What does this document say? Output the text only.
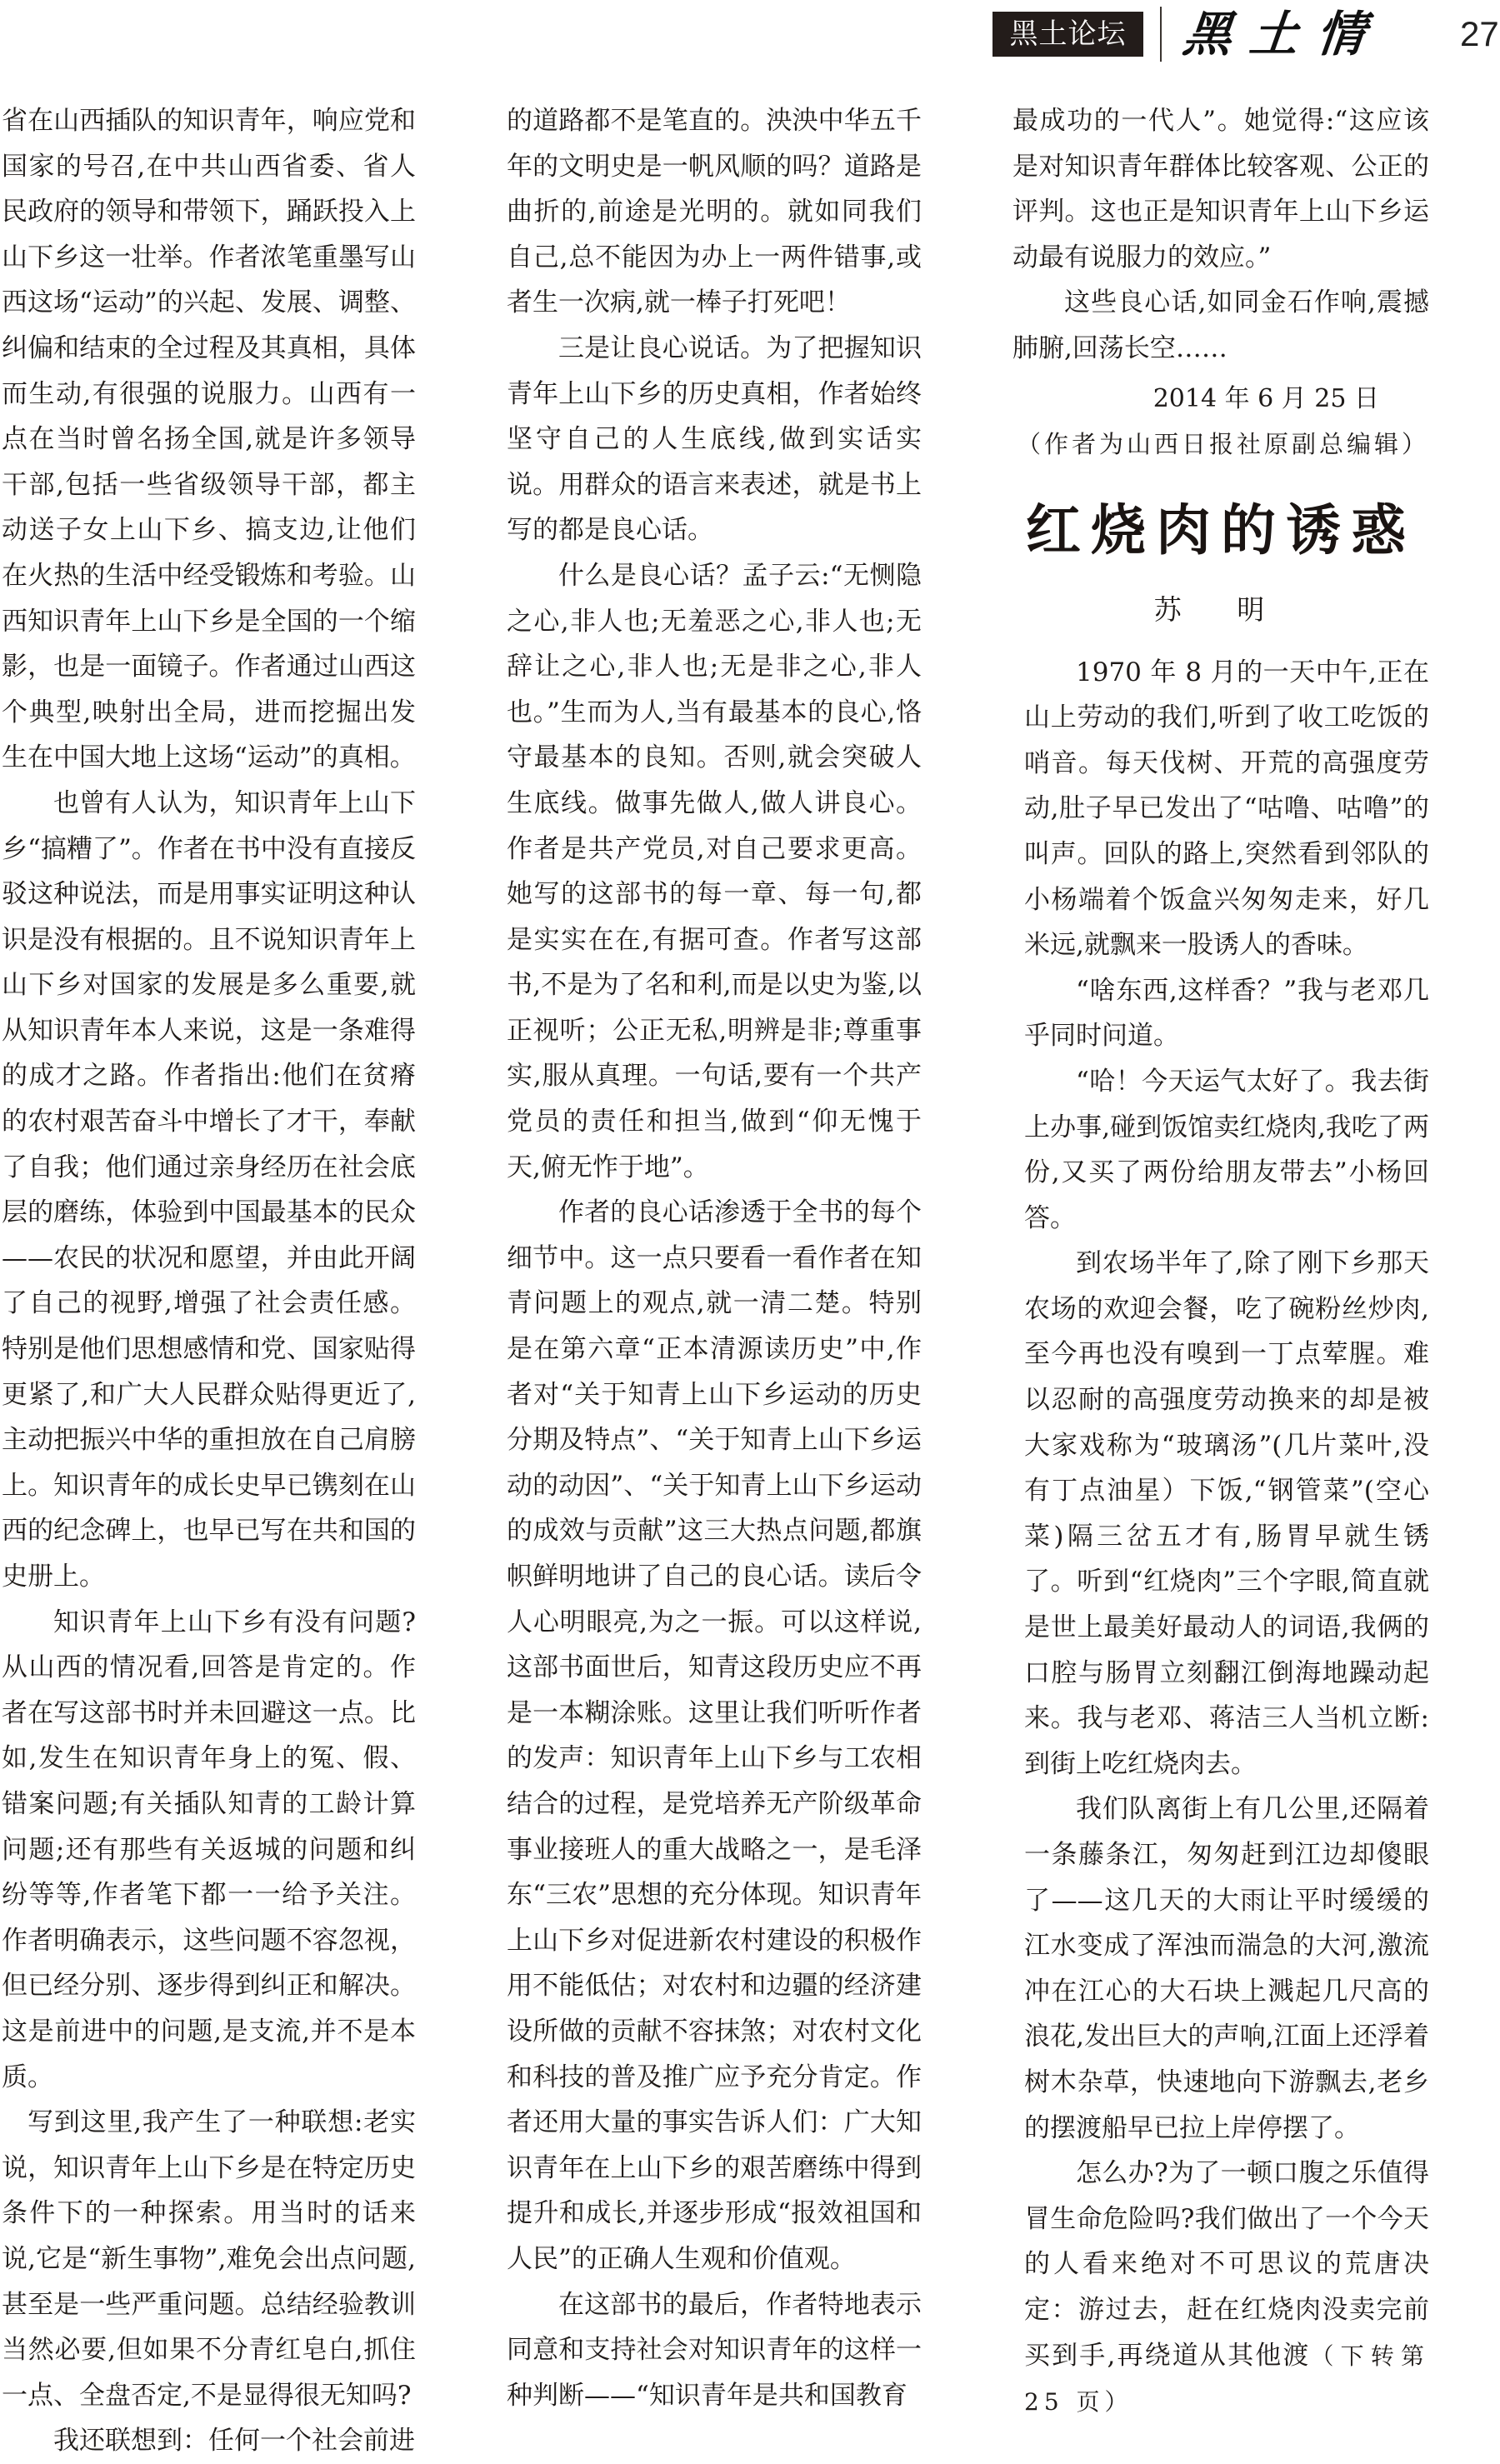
黑土论坛	黑土情 27

省在山西插队的知识青年，响应党和国家的号召,在中共山西省委、省人民政府的领导和带领下，踊跃投入上山下乡这一壮举。作者浓笔重墨写山西这场“运动”的兴起、发展、调整、纠偏和结束的全过程及其真相，具体而生动,有很强的说服力。山西有一点在当时曾名扬全国,就是许多领导干部,包括一些省级领导干部，都主动送子女上山下乡、搞支边,让他们在火热的生活中经受锻炼和考验。山西知识青年上山下乡是全国的一个缩影，也是一面镜子。作者通过山西这个典型,映射出全局，进而挖掘出发生在中国大地上这场“运动”的真相。

也曾有人认为，知识青年上山下乡“搞糟了”。作者在书中没有直接反驳这种说法，而是用事实证明这种认识是没有根据的。且不说知识青年上山下乡对国家的发展是多么重要,就从知识青年本人来说，这是一条难得的成才之路。作者指出:他们在贫瘠的农村艰苦奋斗中增长了才干，奉献了自我；他们通过亲身经历在社会底层的磨练，体验到中国最基本的民众——农民的状况和愿望，并由此开阔了自己的视野,增强了社会责任感。特别是他们思想感情和党、国家贴得更紧了,和广大人民群众贴得更近了,主动把振兴中华的重担放在自己肩膀上。知识青年的成长史早已镌刻在山西的纪念碑上，也早已写在共和国的史册上。

知识青年上山下乡有没有问题?从山西的情况看,回答是肯定的。作者在写这部书时并未回避这一点。比如,发生在知识青年身上的冤、假、错案问题;有关插队知青的工龄计算问题;还有那些有关返城的问题和纠纷等等,作者笔下都一一给予关注。作者明确表示，这些问题不容忽视，但已经分别、逐步得到纠正和解决。这是前进中的问题,是支流,并不是本质。

写到这里,我产生了一种联想:老实说，知识青年上山下乡是在特定历史条件下的一种探索。用当时的话来说,它是“新生事物”,难免会出点问题,甚至是一些严重问题。总结经验教训当然必要,但如果不分青红皂白,抓住一点、全盘否定,不是显得很无知吗?

我还联想到：任何一个社会前进

的道路都不是笔直的。泱泱中华五千年的文明史是一帆风顺的吗？道路是曲折的,前途是光明的。就如同我们自己,总不能因为办上一两件错事,或者生一次病,就一棒子打死吧！

三是让良心说话。为了把握知识青年上山下乡的历史真相，作者始终坚守自己的人生底线,做到实话实说。用群众的语言来表述，就是书上写的都是良心话。

什么是良心话？孟子云:“无恻隐之心,非人也;无羞恶之心,非人也;无辞让之心,非人也;无是非之心,非人也。”生而为人,当有最基本的良心,恪守最基本的良知。否则,就会突破人生底线。做事先做人,做人讲良心。作者是共产党员,对自己要求更高。她写的这部书的每一章、每一句,都是实实在在,有据可查。作者写这部书,不是为了名和利,而是以史为鉴,以正视听；公正无私,明辨是非;尊重事实,服从真理。一句话,要有一个共产党员的责任和担当,做到“仰无愧于天,俯无怍于地”。

作者的良心话渗透于全书的每个细节中。这一点只要看一看作者在知青问题上的观点,就一清二楚。特别是在第六章“正本清源读历史”中,作者对“关于知青上山下乡运动的历史分期及特点”、“关于知青上山下乡运动的动因”、“关于知青上山下乡运动的成效与贡献”这三大热点问题,都旗帜鲜明地讲了自己的良心话。读后令人心明眼亮,为之一振。可以这样说,这部书面世后，知青这段历史应不再是一本糊涂账。这里让我们听听作者的发声：知识青年上山下乡与工农相结合的过程，是党培养无产阶级革命事业接班人的重大战略之一，是毛泽东“三农”思想的充分体现。知识青年上山下乡对促进新农村建设的积极作用不能低估；对农村和边疆的经济建设所做的贡献不容抹煞；对农村文化和科技的普及推广应予充分肯定。作者还用大量的事实告诉人们：广大知识青年在上山下乡的艰苦磨练中得到提升和成长,并逐步形成“报效祖国和人民”的正确人生观和价值观。

在这部书的最后，作者特地表示同意和支持社会对知识青年的这样一种判断——“知识青年是共和国教育

最成功的一代人”。她觉得:“这应该是对知识青年群体比较客观、公正的评判。这也正是知识青年上山下乡运动最有说服力的效应。”

这些良心话,如同金石作响,震撼肺腑,回荡长空……

2014 年 6 月 25 日

（作者为山西日报社原副总编辑）

红烧肉的诱惑

苏 明

1970 年 8 月的一天中午,正在山上劳动的我们,听到了收工吃饭的哨音。每天伐树、开荒的高强度劳动,肚子早已发出了“咕噜、咕噜”的叫声。回队的路上,突然看到邻队的小杨端着个饭盒兴匆匆走来，好几米远,就飘来一股诱人的香味。

“啥东西,这样香？”我与老邓几乎同时问道。

“哈！今天运气太好了。我去街上办事,碰到饭馆卖红烧肉,我吃了两份,又买了两份给朋友带去”小杨回答。

到农场半年了,除了刚下乡那天农场的欢迎会餐，吃了碗粉丝炒肉,至今再也没有嗅到一丁点荤腥。难以忍耐的高强度劳动换来的却是被大家戏称为“玻璃汤”(几片菜叶,没有丁点油星）下饭,“钢管菜”(空心菜)隔三岔五才有,肠胃早就生锈了。听到“红烧肉”三个字眼,简直就是世上最美好最动人的词语,我俩的口腔与肠胃立刻翻江倒海地躁动起来。我与老邓、蒋洁三人当机立断:到街上吃红烧肉去。

我们队离街上有几公里,还隔着一条藤条江，匆匆赶到江边却傻眼了——这几天的大雨让平时缓缓的江水变成了浑浊而湍急的大河,激流冲在江心的大石块上溅起几尺高的浪花,发出巨大的声响,江面上还浮着树木杂草，快速地向下游飘去,老乡的摆渡船早已拉上岸停摆了。

怎么办?为了一顿口腹之乐值得冒生命危险吗?我们做出了一个今天的人看来绝对不可思议的荒唐决定：游过去，赶在红烧肉没卖完前买到手,再绕道从其他渡（下转第 25 页）
